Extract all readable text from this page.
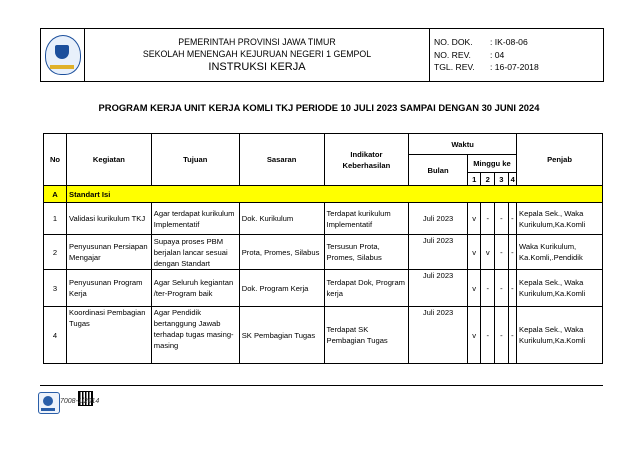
PEMERINTAH PROVINSI JAWA TIMUR
SEKOLAH MENENGAH KEJURUAN NEGERI 1 GEMPOL
INSTRUKSI KERJA

NO. DOK.	: IK-08-06
NO. REV.	: 04
TGL. REV.	: 16-07-2018
PROGRAM KERJA UNIT KERJA KOMLI TKJ PERIODE 10 JULI 2023 SAMPAI DENGAN 30 JUNI 2024
No	Kegiatan	Tujuan	Sasaran	Indikator Keberhasilan	Waktu					Penjab
					Bulan	Minggu ke				
						1	2	3	4	
A	Standart Isi									
1	Validasi kurikulum TKJ	Agar terdapat kurikulum Implementatif	Dok. Kurikulum	Terdapat kurikulum Implementatif	Juli 2023	v	-	-	-	Kepala Sek., Waka Kurikulum,Ka.Komli
2	Penyusunan Persiapan Mengajar	Supaya proses PBM berjalan lancar sesuai dengan Standart	Prota, Promes, Silabus	Tersusun Prota, Promes, Silabus	Juli 2023	v	v	-	-	Waka Kurikulum, Ka.Komli,.Pendidik
3	Penyusunan Program Kerja	Agar Seluruh kegiantan /ter-Program baik	Dok. Program Kerja	Terdapat Dok, Program kerja	Juli 2023	v	-	-	-	Kepala Sek., Waka Kurikulum,Ka.Komli
4	Koordinasi Pembagian Tugas	Agar Pendidik bertanggung Jawab terhadap tugas masing-masing	SK Pembagian Tugas	Terdapat SK Pembagian Tugas	Juli 2023	v	-	-	-	Kepala Sek., Waka Kurikulum,Ka.Komli
7008-1/2014
